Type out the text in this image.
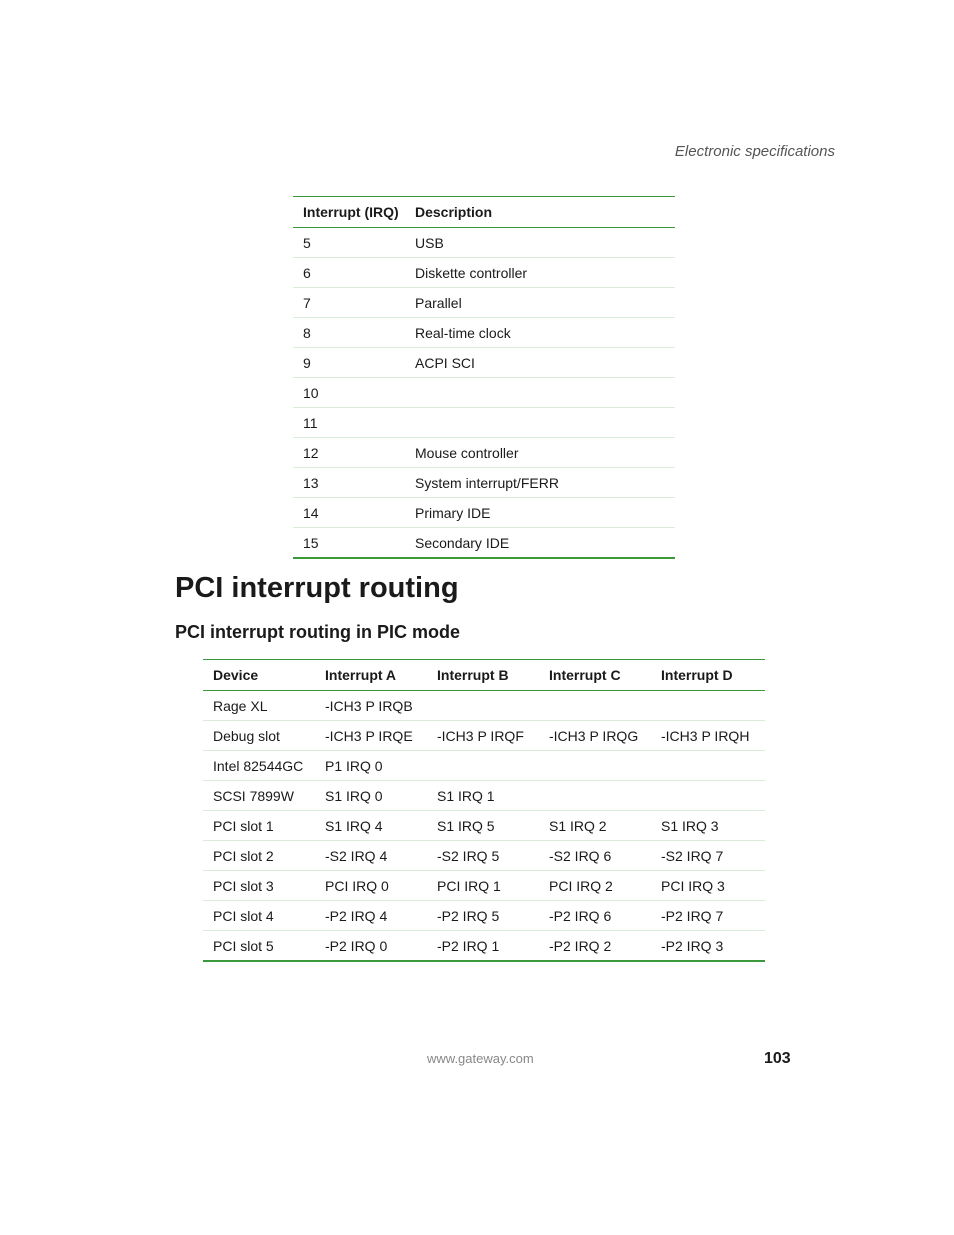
Electronic specifications
Interrupt (IRQ)	Description
5	USB
6	Diskette controller
7	Parallel
8	Real-time clock
9	ACPI SCI
10	
11	
12	Mouse controller
13	System interrupt/FERR
14	Primary IDE
15	Secondary IDE
PCI interrupt routing
PCI interrupt routing in PIC mode
Device	Interrupt A	Interrupt B	Interrupt C	Interrupt D
Rage XL	-ICH3 P IRQB			
Debug slot	-ICH3 P IRQE	-ICH3 P IRQF	-ICH3 P IRQG	-ICH3 P IRQH
Intel 82544GC	P1 IRQ 0			
SCSI 7899W	S1 IRQ 0	S1 IRQ 1		
PCI slot 1	S1 IRQ 4	S1 IRQ 5	S1 IRQ 2	S1 IRQ 3
PCI slot 2	-S2 IRQ 4	-S2 IRQ 5	-S2 IRQ 6	-S2 IRQ 7
PCI slot 3	PCI IRQ 0	PCI IRQ 1	PCI IRQ 2	PCI IRQ 3
PCI slot 4	-P2 IRQ 4	-P2 IRQ 5	-P2 IRQ 6	-P2 IRQ 7
PCI slot 5	-P2 IRQ 0	-P2 IRQ 1	-P2 IRQ 2	-P2 IRQ 3
www.gateway.com	103
